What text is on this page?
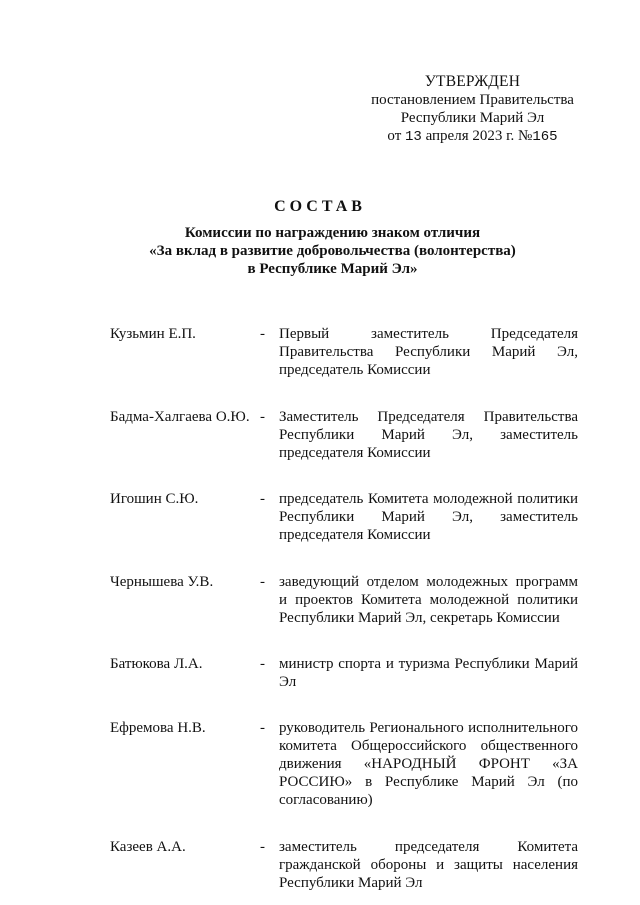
УТВЕРЖДЕН
постановлением Правительства
Республики Марий Эл
от 13 апреля 2023 г. №165
СОСТАВ
Комиссии по награждению знаком отличия
«За вклад в развитие добровольчества (волонтерства)
в Республике Марий Эл»
Кузьмин Е.П.	- Первый заместитель Председателя Правительства Республики Марий Эл, председатель Комиссии
Бадма-Халгаева О.Ю. - Заместитель Председателя Правительства Республики Марий Эл, заместитель председателя Комиссии
Игошин С.Ю.	- председатель Комитета молодежной политики Республики Марий Эл, заместитель председателя Комиссии
Чернышева У.В.	- заведующий отделом молодежных программ и проектов Комитета молодежной политики Республики Марий Эл, секретарь Комиссии
Батюкова Л.А.	- министр спорта и туризма Республики Марий Эл
Ефремова Н.В.	- руководитель Регионального исполнительного комитета Общероссийского общественного движения «НАРОДНЫЙ ФРОНТ «ЗА РОССИЮ» в Республике Марий Эл (по согласованию)
Казеев А.А.	- заместитель председателя Комитета гражданской обороны и защиты населения Республики Марий Эл
